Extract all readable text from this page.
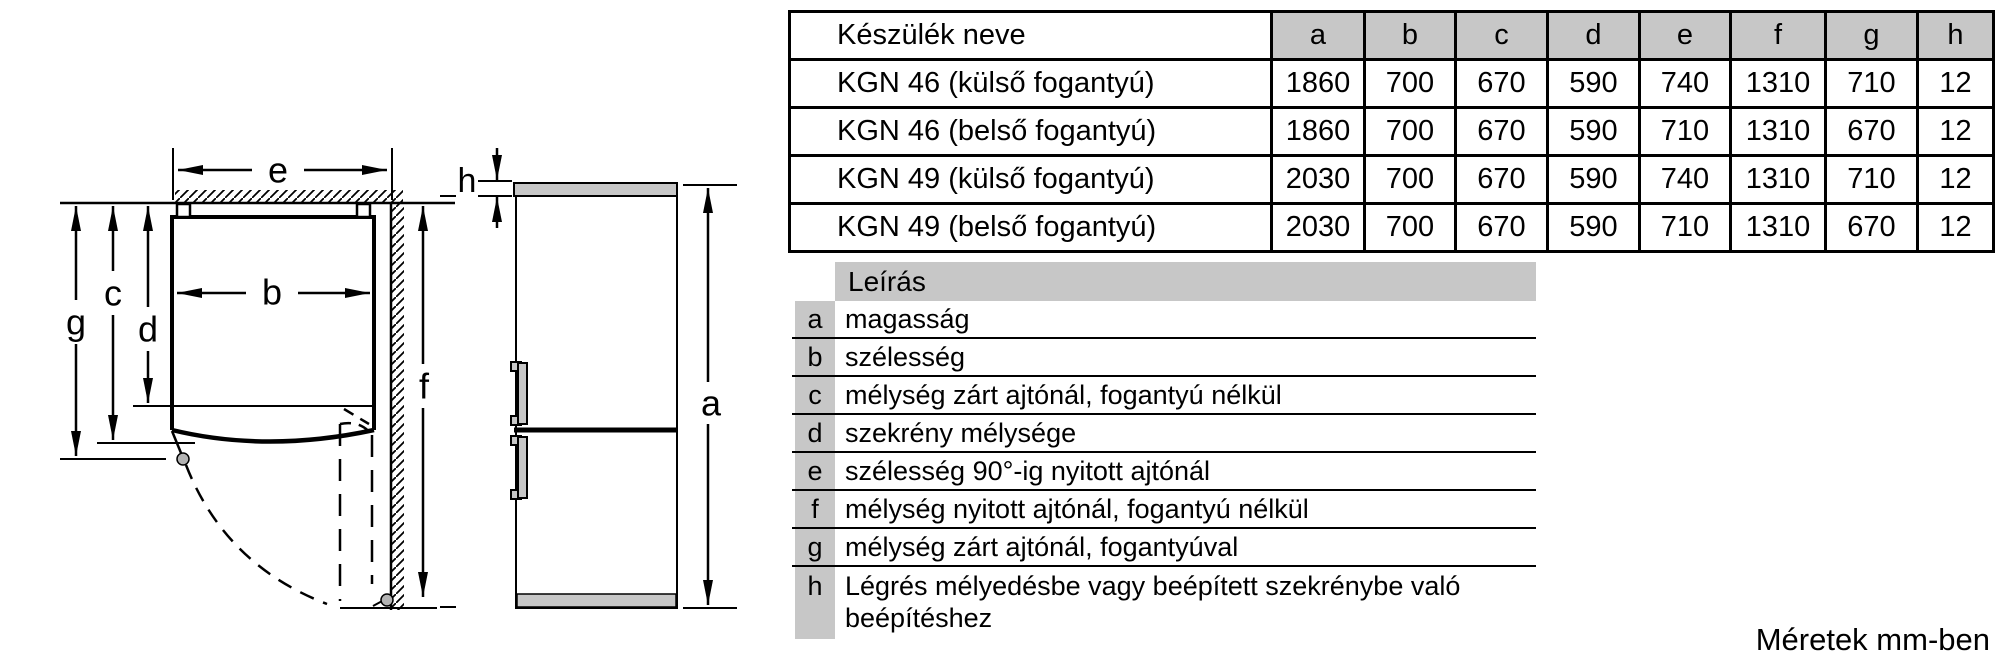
e
b
g
c
d
f
h
a
Készülék neve	a	b	c	d	e	f	g	h
KGN 46 (külső fogantyú)	1860	700	670	590	740	1310	710	12
KGN 46 (belső fogantyú)	1860	700	670	590	710	1310	670	12
KGN 49 (külső fogantyú)	2030	700	670	590	740	1310	710	12
KGN 49 (belső fogantyú)	2030	700	670	590	710	1310	670	12
Leírás
a magasság
b szélesség
c mélység zárt ajtónál, fogantyú nélkül
d szekrény mélysége
e szélesség 90°-ig nyitott ajtónál
f mélység nyitott ajtónál, fogantyú nélkül
g mélység zárt ajtónál, fogantyúval
h Légrés mélyedésbe vagy beépített szekrénybe való beépítéshez
Méretek mm-ben
